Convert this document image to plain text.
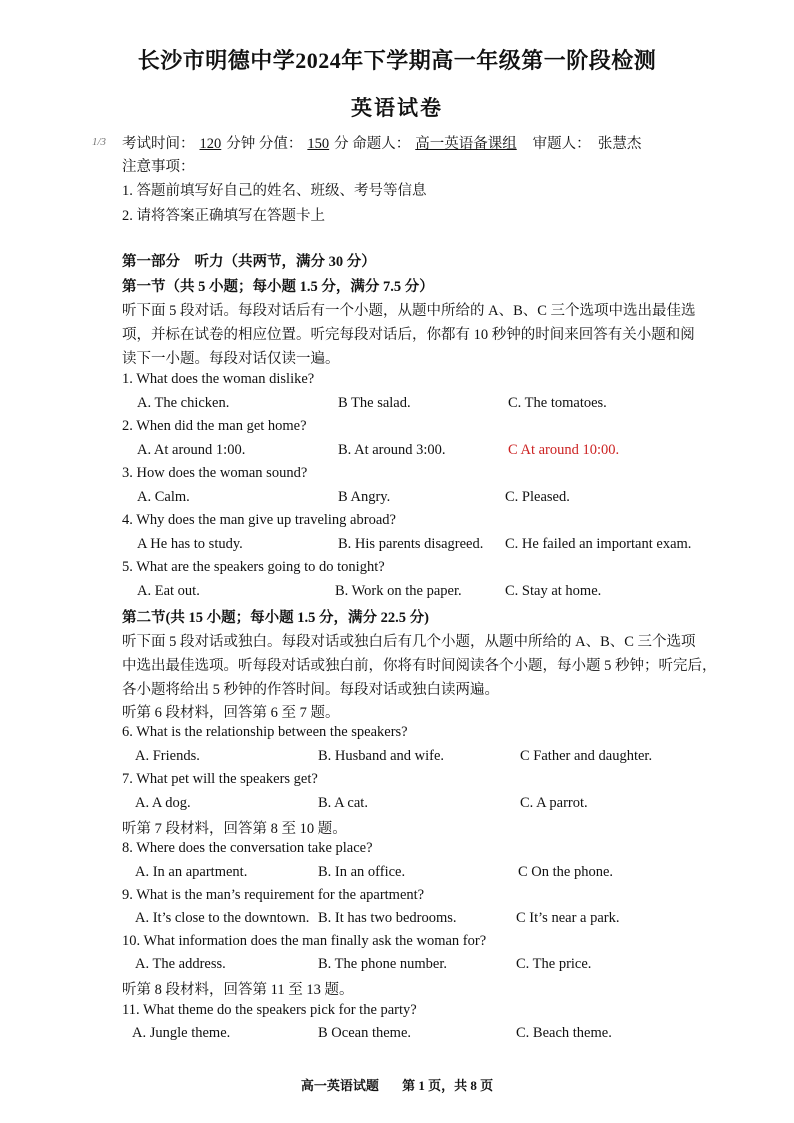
长沙市明德中学2024年下学期高一年级第一阶段检测
英语试卷
1/3 考试时间： 120 分钟 分值： 150 分 命题人： 高一英语备课组 审题人： 张慧杰
注意事项：
1. 答题前填写好自己的姓名、班级、考号等信息
2. 请将答案正确填写在答题卡上
第一部分　听力（共两节，满分 30 分）
第一节（共 5 小题；每小题 1.5 分，满分 7.5 分）
听下面 5 段对话。每段对话后有一个小题，从题中所给的 A、B、C 三个选项中选出最佳选
项，并标在试卷的相应位置。听完每段对话后，你都有 10 秒钟的时间来回答有关小题和阅
读下一小题。每段对话仅读一遍。
1. What does the woman dislike?
A. The chicken.	B The salad.	C. The tomatoes.
2. When did the man get home?
A. At around 1:00.	B. At around 3:00.	C At around 10:00.
3. How does the woman sound?
A. Calm.	B Angry.	C. Pleased.
4. Why does the man give up traveling abroad?
A He has to study.	B. His parents disagreed. C. He failed an important exam.
5. What are the speakers going to do tonight?
A. Eat out.	B. Work on the paper.	C. Stay at home.
第二节(共 15 小题；每小题 1.5 分，满分 22.5 分)
听下面 5 段对话或独白。每段对话或独白后有几个小题，从题中所给的 A、B、C 三个选项
中选出最佳选项。听每段对话或独白前，你将有时间阅读各个小题，每小题 5 秒钟；听完后，
各小题将给出 5 秒钟的作答时间。每段对话或独白读两遍。
听第 6 段材料，回答第 6 至 7 题。
6. What is the relationship between the speakers?
A. Friends.	B. Husband and wife.	C Father and daughter.
7. What pet will the speakers get?
A. A dog.	B. A cat.	C. A parrot.
听第 7 段材料，回答第 8 至 10 题。
8. Where does the conversation take place?
A. In an apartment.	B. In an office.	C On the phone.
9. What is the man’s requirement for the apartment?
A. It’s close to the downtown. B. It has two bedrooms.	C It’s near a park.
10. What information does the man finally ask the woman for?
A. The address.	B. The phone number.	C. The price.
听第 8 段材料，回答第 11 至 13 题。
11. What theme do the speakers pick for the party?
A. Jungle theme.	B Ocean theme.	C. Beach theme.
高一英语试题 第 1 页，共 8 页
